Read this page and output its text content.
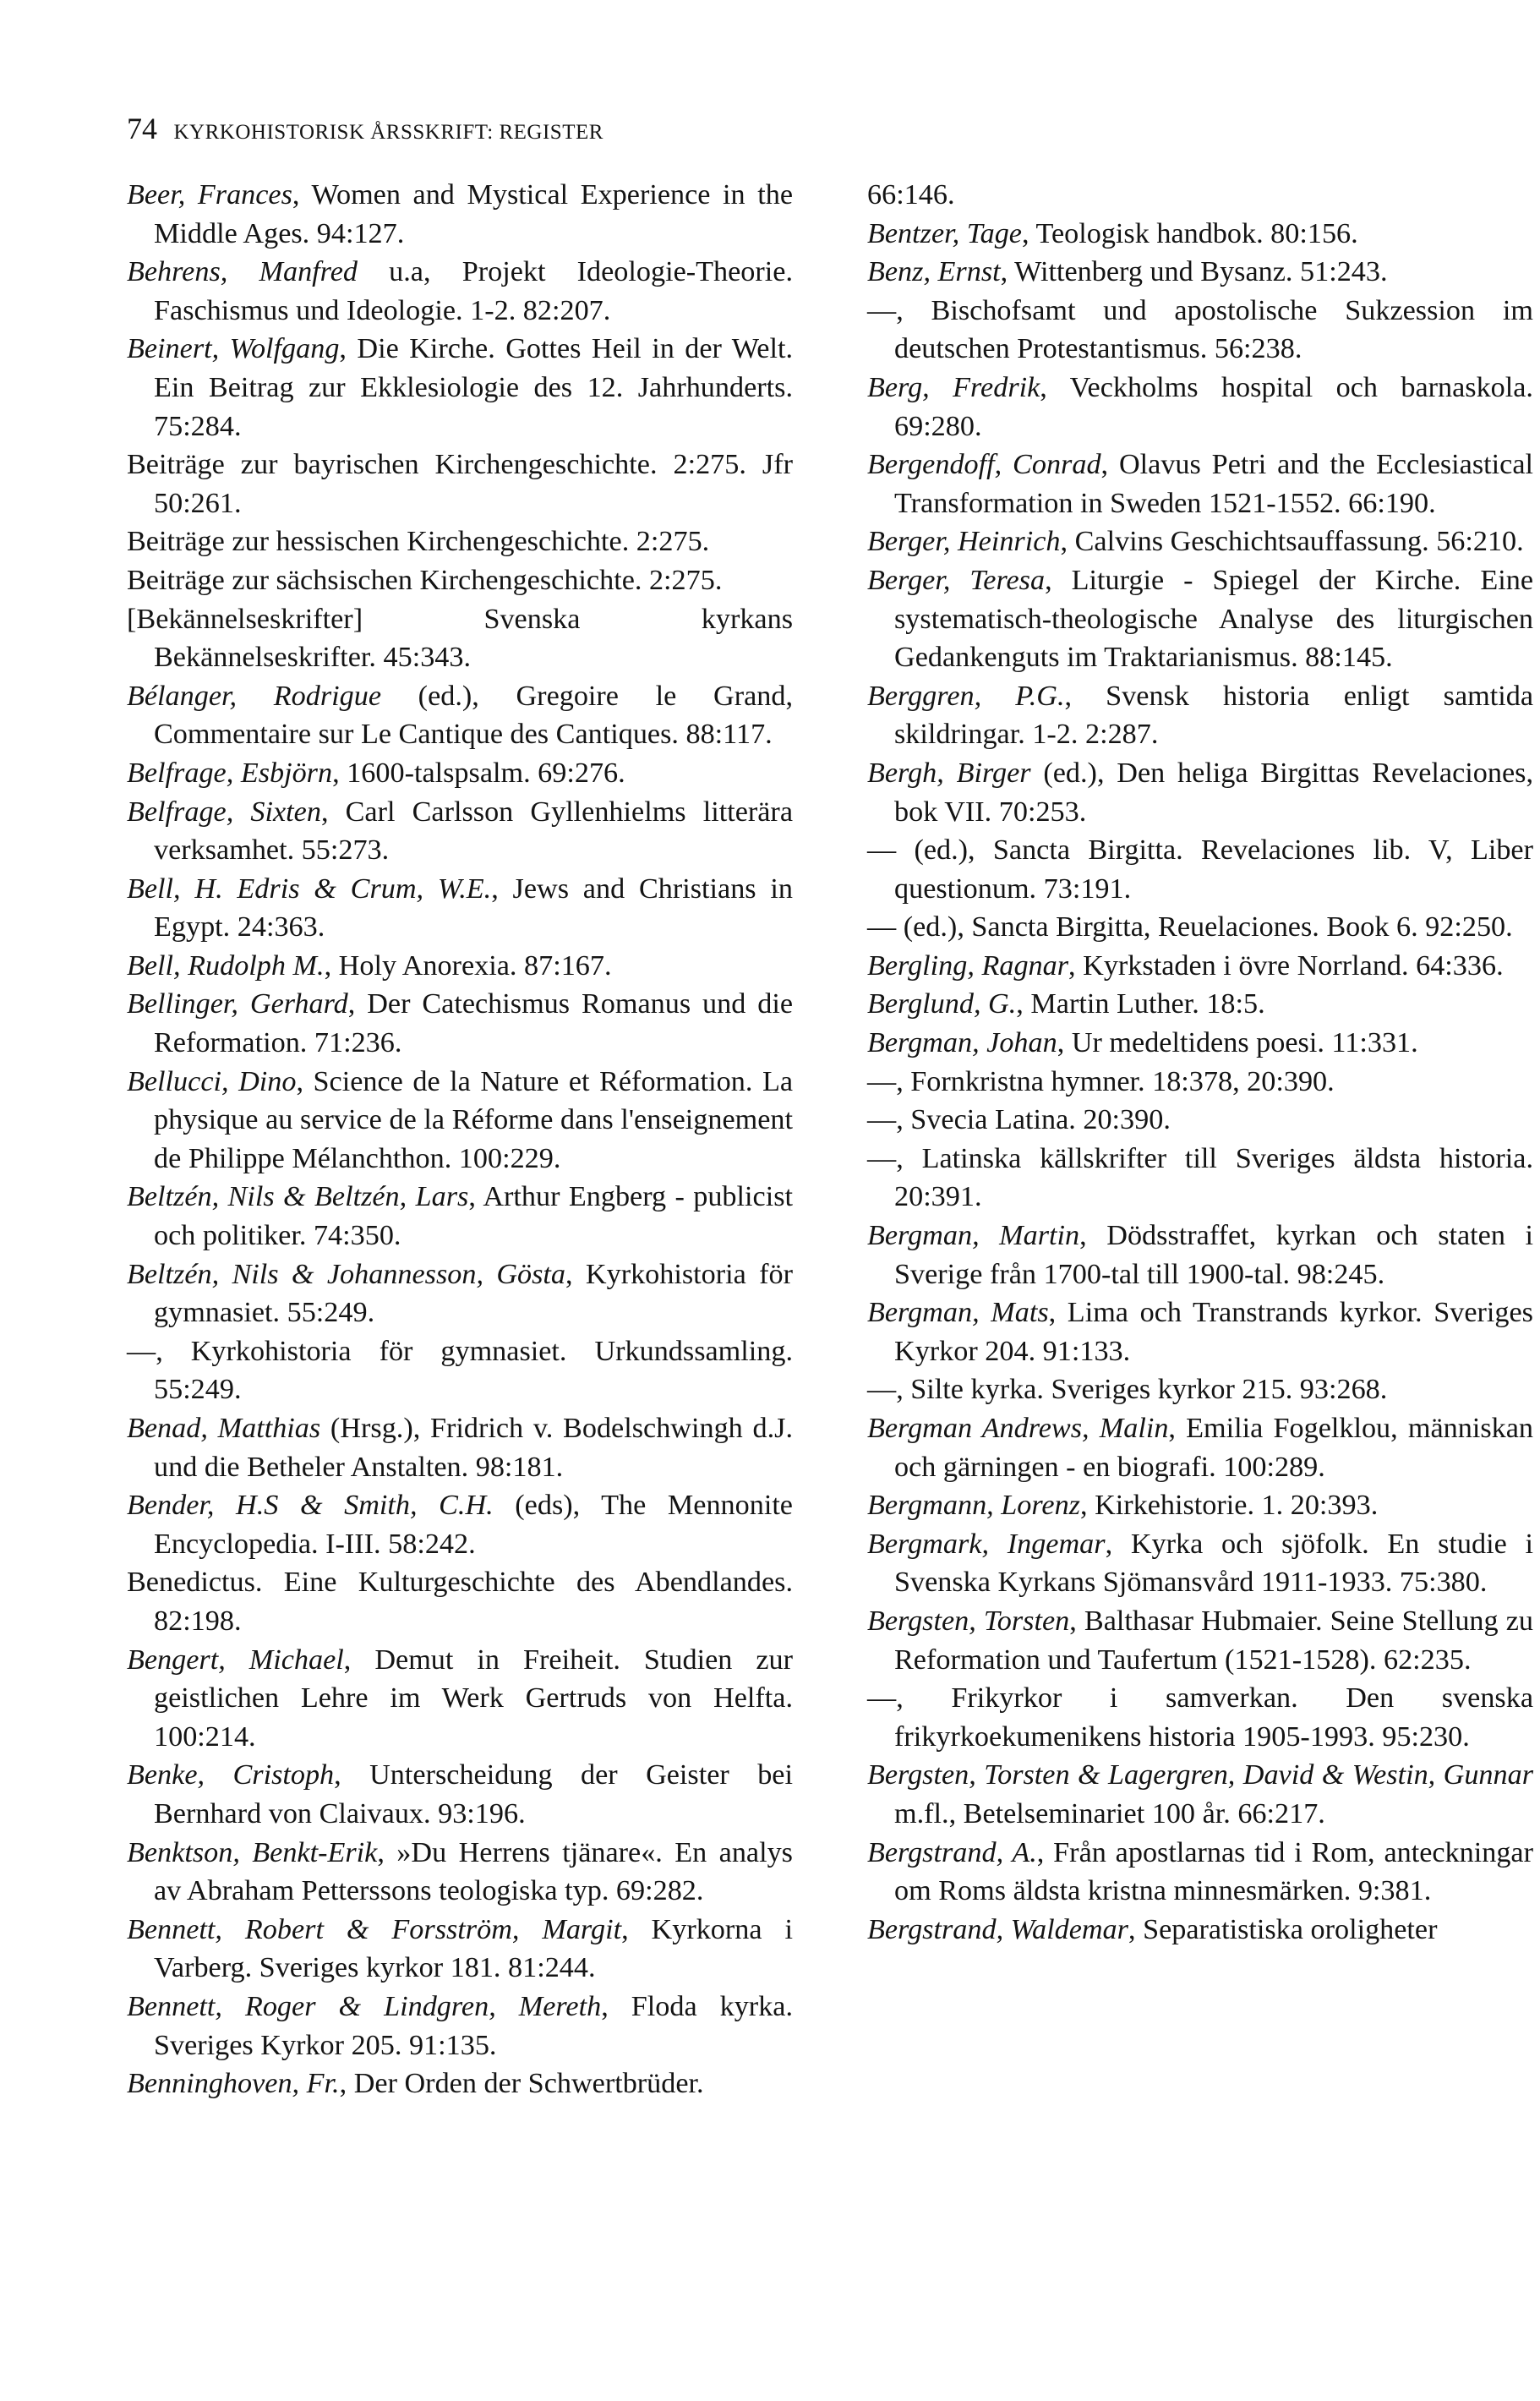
74 KYRKOHISTORISK ÅRSSKRIFT: REGISTER

Beer, Frances, Women and Mystical Experience in the Middle Ages. 94:127.

Behrens, Manfred u.a, Projekt Ideologie-Theorie. Faschismus und Ideologie. 1-2. 82:207.

Beinert, Wolfgang, Die Kirche. Gottes Heil in der Welt. Ein Beitrag zur Ekklesiologie des 12. Jahrhunderts. 75:284.

Beiträge zur bayrischen Kirchengeschichte. 2:275. Jfr 50:261.

Beiträge zur hessischen Kirchengeschichte. 2:275.

Beiträge zur sächsischen Kirchengeschichte. 2:275.

[Bekännelseskrifter] Svenska kyrkans Bekännelseskrifter. 45:343.

Bélanger, Rodrigue (ed.), Gregoire le Grand, Commentaire sur Le Cantique des Cantiques. 88:117.

Belfrage, Esbjörn, 1600-talspsalm. 69:276.

Belfrage, Sixten, Carl Carlsson Gyllenhielms litterära verksamhet. 55:273.

Bell, H. Edris & Crum, W.E., Jews and Christians in Egypt. 24:363.

Bell, Rudolph M., Holy Anorexia. 87:167.

Bellinger, Gerhard, Der Catechismus Romanus und die Reformation. 71:236.

Bellucci, Dino, Science de la Nature et Réformation. La physique au service de la Réforme dans l'enseignement de Philippe Mélanchthon. 100:229.

Beltzén, Nils & Beltzén, Lars, Arthur Engberg - publicist och politiker. 74:350.

Beltzén, Nils & Johannesson, Gösta, Kyrkohistoria för gymnasiet. 55:249.

—, Kyrkohistoria för gymnasiet. Urkundssamling. 55:249.

Benad, Matthias (Hrsg.), Fridrich v. Bodelschwingh d.J. und die Betheler Anstalten. 98:181.

Bender, H.S & Smith, C.H. (eds), The Mennonite Encyclopedia. I-III. 58:242.

Benedictus. Eine Kulturgeschichte des Abendlandes. 82:198.

Bengert, Michael, Demut in Freiheit. Studien zur geistlichen Lehre im Werk Gertruds von Helfta. 100:214.

Benke, Cristoph, Unterscheidung der Geister bei Bernhard von Claivaux. 93:196.

Benktson, Benkt-Erik, »Du Herrens tjänare«. En analys av Abraham Petterssons teologiska typ. 69:282.

Bennett, Robert & Forsström, Margit, Kyrkorna i Varberg. Sveriges kyrkor 181. 81:244.

Bennett, Roger & Lindgren, Mereth, Floda kyrka. Sveriges Kyrkor 205. 91:135.

Benninghoven, Fr., Der Orden der Schwertbrüder.

66:146.

Bentzer, Tage, Teologisk handbok. 80:156.

Benz, Ernst, Wittenberg und Bysanz. 51:243.

—, Bischofsamt und apostolische Sukzession im deutschen Protestantismus. 56:238.

Berg, Fredrik, Veckholms hospital och barnaskola. 69:280.

Bergendoff, Conrad, Olavus Petri and the Ecclesiastical Transformation in Sweden 1521-1552. 66:190.

Berger, Heinrich, Calvins Geschichtsauffassung. 56:210.

Berger, Teresa, Liturgie - Spiegel der Kirche. Eine systematisch-theologische Analyse des liturgischen Gedankenguts im Traktarianismus. 88:145.

Berggren, P.G., Svensk historia enligt samtida skildringar. 1-2. 2:287.

Bergh, Birger (ed.), Den heliga Birgittas Revelaciones, bok VII. 70:253.

— (ed.), Sancta Birgitta. Revelaciones lib. V, Liber questionum. 73:191.

— (ed.), Sancta Birgitta, Reuelaciones. Book 6. 92:250.

Bergling, Ragnar, Kyrkstaden i övre Norrland. 64:336.

Berglund, G., Martin Luther. 18:5.

Bergman, Johan, Ur medeltidens poesi. 11:331.

—, Fornkristna hymner. 18:378, 20:390.

—, Svecia Latina. 20:390.

—, Latinska källskrifter till Sveriges äldsta historia. 20:391.

Bergman, Martin, Dödsstraffet, kyrkan och staten i Sverige från 1700-tal till 1900-tal. 98:245.

Bergman, Mats, Lima och Transtrands kyrkor. Sveriges Kyrkor 204. 91:133.

—, Silte kyrka. Sveriges kyrkor 215. 93:268.

Bergman Andrews, Malin, Emilia Fogelklou, människan och gärningen - en biografi. 100:289.

Bergmann, Lorenz, Kirkehistorie. 1. 20:393.

Bergmark, Ingemar, Kyrka och sjöfolk. En studie i Svenska Kyrkans Sjömansvård 1911-1933. 75:380.

Bergsten, Torsten, Balthasar Hubmaier. Seine Stellung zu Reformation und Taufertum (1521-1528). 62:235.

—, Frikyrkor i samverkan. Den svenska frikyrkoekumenikens historia 1905-1993. 95:230.

Bergsten, Torsten & Lagergren, David & Westin, Gunnar m.fl., Betelseminariet 100 år. 66:217.

Bergstrand, A., Från apostlarnas tid i Rom, anteckningar om Roms äldsta kristna minnesmärken. 9:381.

Bergstrand, Waldemar, Separatistiska oroligheter
